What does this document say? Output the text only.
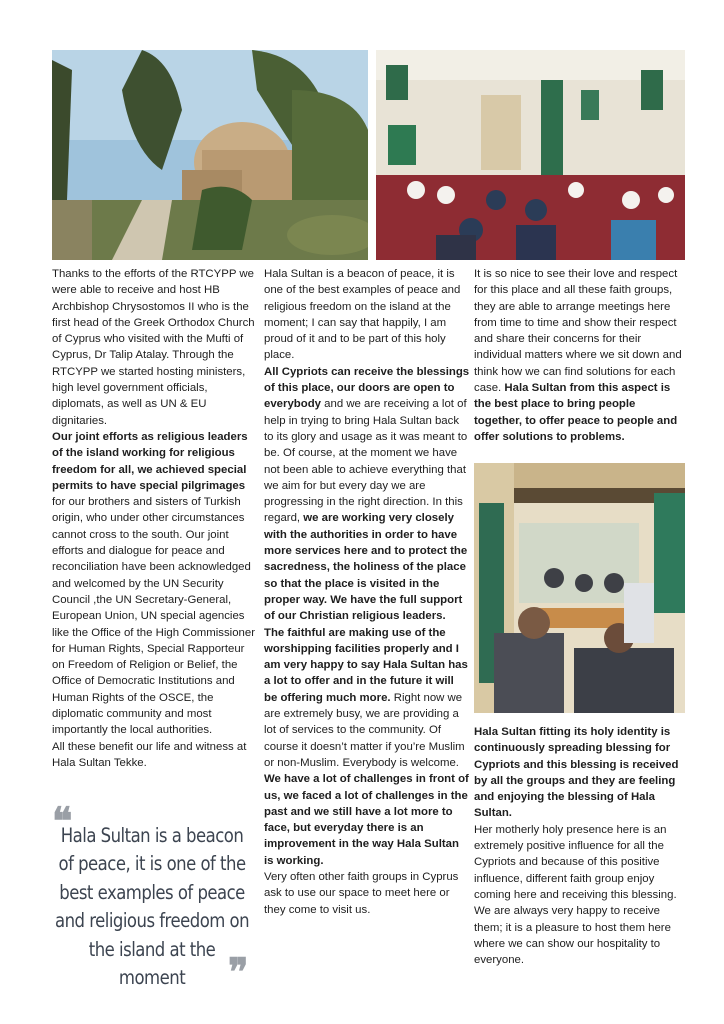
Thanks to the efforts of the RTCYPP we were able to receive and host HB Archbishop Chrysostomos II who is the first head of the Greek Orthodox Church of Cyprus who visited with the Mufti of Cyprus, Dr Talip Atalay. Through the RTCYPP we started hosting ministers, high level government officials, diplomats, as well as UN & EU dignitaries.

Our joint efforts as religious leaders of the island working for religious freedom for all, we achieved special permits to have special pilgrimages for our brothers and sisters of Turkish origin, who under other circumstances cannot cross to the south. Our joint efforts and dialogue for peace and reconciliation have been acknowledged and welcomed by the UN Security Council ,the UN Secretary-General, European Union, UN special agencies like the Office of the High Commissioner for Human Rights, Special Rapporteur on Freedom of Religion or Belief, the Office of Democratic Institutions and Human Rights of the OSCE, the diplomatic community and most importantly the local authorities.

All these benefit our life and witness at Hala Sultan Tekke.

❝
Hala Sultan is a beacon of peace, it is one of the best examples of peace and religious freedom on the island at the moment	❞

Hala Sultan is a beacon of peace, it is one of the best examples of peace and religious freedom on the island at the moment; I can say that happily, I am proud of it and to be part of this holy place.

All Cypriots can receive the blessings of this place, our doors are open to everybody and we are receiving a lot of help in trying to bring Hala Sultan back to its glory and usage as it was meant to be. Of course, at the moment we have not been able to achieve everything that we aim for but every day we are progressing in the right direction. In this regard, we are working very closely with the authorities in order to have more services here and to protect the sacredness, the holiness of the place so that the place is visited in the proper way. We have the full support of our Christian religious leaders.

The faithful are making use of the worshipping facilities properly and I am very happy to say Hala Sultan has a lot to offer and in the future it will be offering much more. Right now we are extremely busy, we are providing a lot of services to the community. Of course it doesn’t matter if you’re Muslim or non-Muslim. Everybody is welcome. We have a lot of challenges in front of us, we faced a lot of challenges in the past and we still have a lot more to face, but everyday there is an improvement in the way Hala Sultan is working.

Very often other faith groups in Cyprus ask to use our space to meet here or they come to visit us.

It is so nice to see their love and respect for this place and all these faith groups, they are able to arrange meetings here from time to time and show their respect and share their concerns for their individual matters where we sit down and think how we can find solutions for each case. Hala Sultan from this aspect is the best place to bring people together, to offer peace to people and offer solutions to problems.

Hala Sultan fitting its holy identity is continuously spreading blessing for Cypriots and this blessing is received by all the groups and they are feeling and enjoying the blessing of Hala Sultan.

Her motherly holy presence here is an extremely positive influence for all the Cypriots and because of this positive influence, different faith group enjoy coming here and receiving this blessing. We are always very happy to receive them; it is a pleasure to host them here where we can show our hospitality to everyone.
